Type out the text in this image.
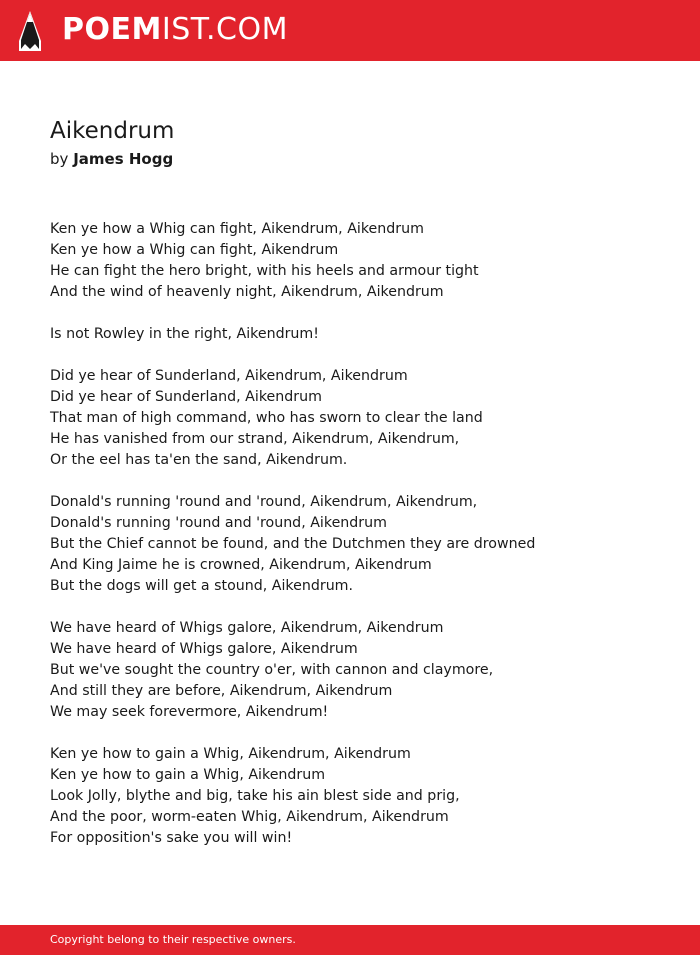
POEMIST.COM
Aikendrum
by James Hogg
Ken ye how a Whig can fight, Aikendrum, Aikendrum
Ken ye how a Whig can fight, Aikendrum
He can fight the hero bright, with his heels and armour tight
And the wind of heavenly night, Aikendrum, Aikendrum
Is not Rowley in the right, Aikendrum!
Did ye hear of Sunderland, Aikendrum, Aikendrum
Did ye hear of Sunderland, Aikendrum
That man of high command, who has sworn to clear the land
He has vanished from our strand, Aikendrum, Aikendrum,
Or the eel has ta'en the sand, Aikendrum.
Donald's running 'round and 'round, Aikendrum, Aikendrum,
Donald's running 'round and 'round, Aikendrum
But the Chief cannot be found, and the Dutchmen they are drowned
And King Jaime he is crowned, Aikendrum, Aikendrum
But the dogs will get a stound, Aikendrum.
We have heard of Whigs galore, Aikendrum, Aikendrum
We have heard of Whigs galore, Aikendrum
But we've sought the country o'er, with cannon and claymore,
And still they are before, Aikendrum, Aikendrum
We may seek forevermore, Aikendrum!
Ken ye how to gain a Whig, Aikendrum, Aikendrum
Ken ye how to gain a Whig, Aikendrum
Look Jolly, blythe and big, take his ain blest side and prig,
And the poor, worm-eaten Whig, Aikendrum, Aikendrum
For opposition's sake you will win!
Copyright belong to their respective owners.
